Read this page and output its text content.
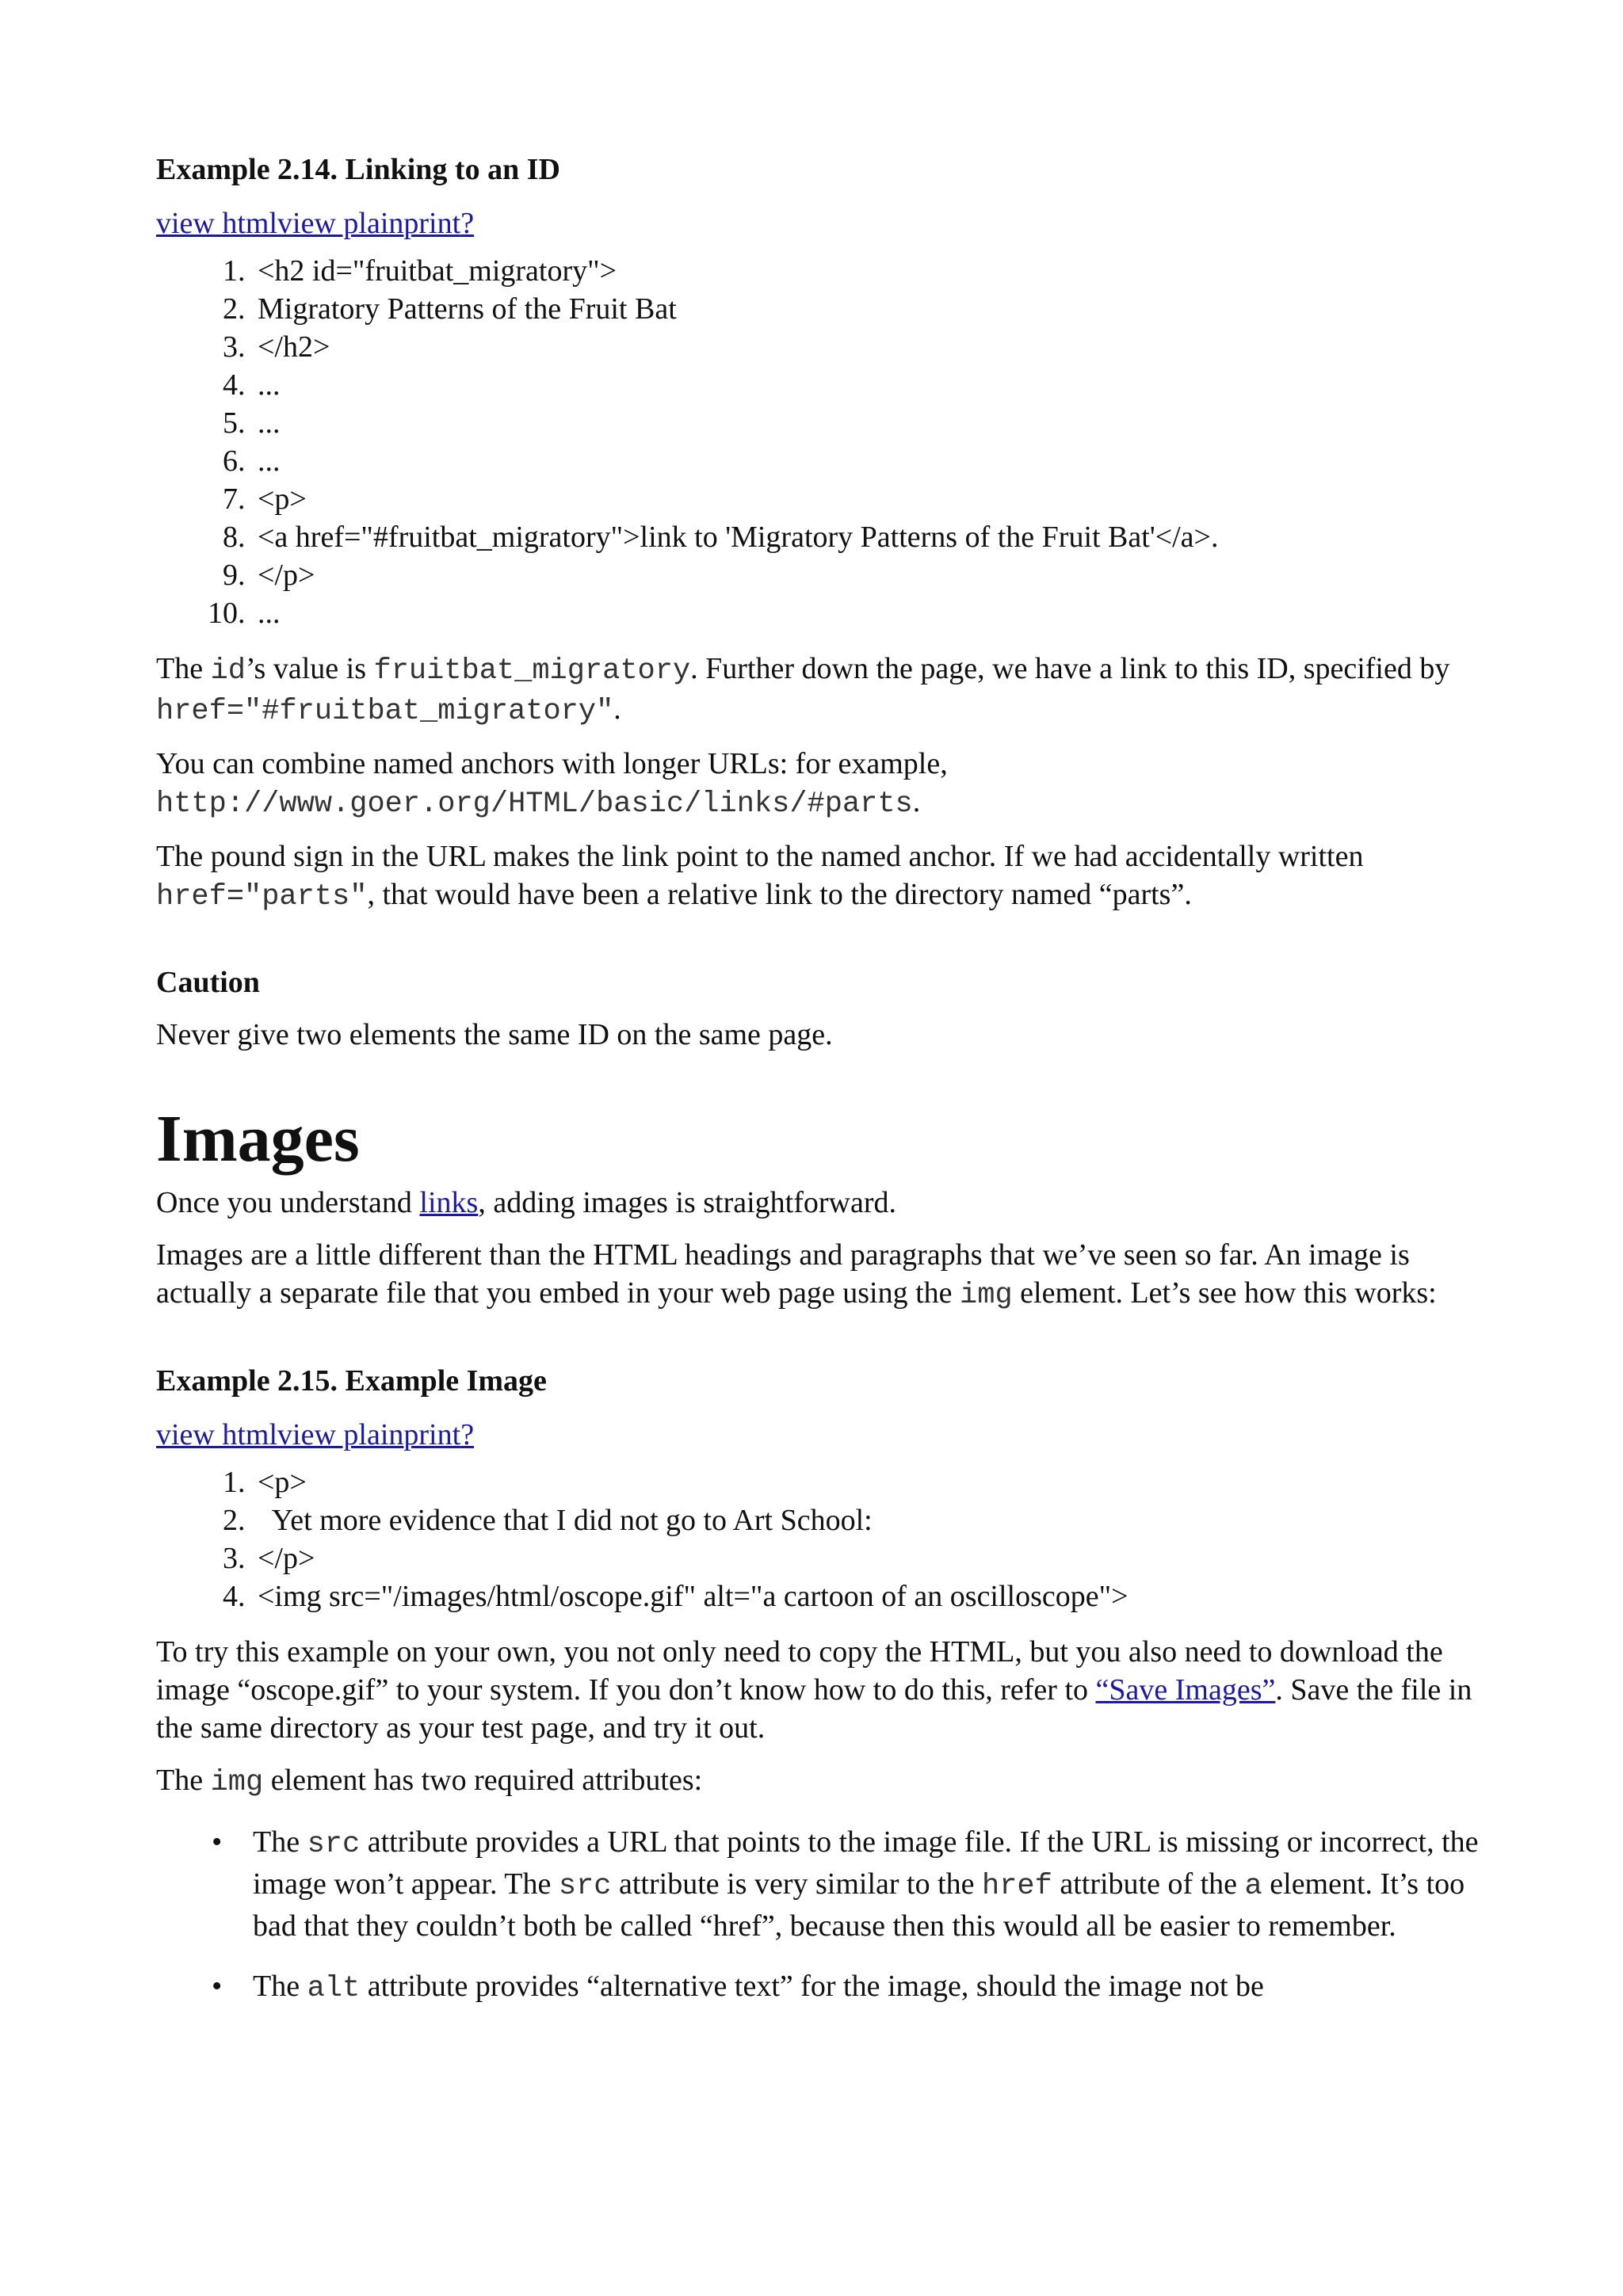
Example 2.14. Linking to an ID
view htmlview plainprint?
1. <h2 id="fruitbat_migratory">
2. Migratory Patterns of the Fruit Bat
3. </h2>
4. ...
5. ...
6. ...
7. <p>
8. <a href="#fruitbat_migratory">link to 'Migratory Patterns of the Fruit Bat'</a>.
9. </p>
10. ...

The id’s value is fruitbat_migratory. Further down the page, we have a link to this ID, specified by href="#fruitbat_migratory".

You can combine named anchors with longer URLs: for example,
http://www.goer.org/HTML/basic/links/#parts.

The pound sign in the URL makes the link point to the named anchor. If we had accidentally written href="parts", that would have been a relative link to the directory named “parts”.

Caution
Never give two elements the same ID on the same page.
Images

Once you understand links, adding images is straightforward.

Images are a little different than the HTML headings and paragraphs that we’ve seen so far. An image is actually a separate file that you embed in your web page using the img element. Let’s see how this works:

Example 2.15. Example Image
view htmlview plainprint?
1. <p>
2.   Yet more evidence that I did not go to Art School:
3. </p>
4. <img src="/images/html/oscope.gif" alt="a cartoon of an oscilloscope">

To try this example on your own, you not only need to copy the HTML, but you also need to download the image “oscope.gif” to your system. If you don’t know how to do this, refer to “Save Images”. Save the file in the same directory as your test page, and try it out.

The img element has two required attributes:

• The src attribute provides a URL that points to the image file. If the URL is missing or incorrect, the image won’t appear. The src attribute is very similar to the href attribute of the a element. It’s too bad that they couldn’t both be called “href”, because then this would all be easier to remember.
• The alt attribute provides “alternative text” for the image, should the image not be
